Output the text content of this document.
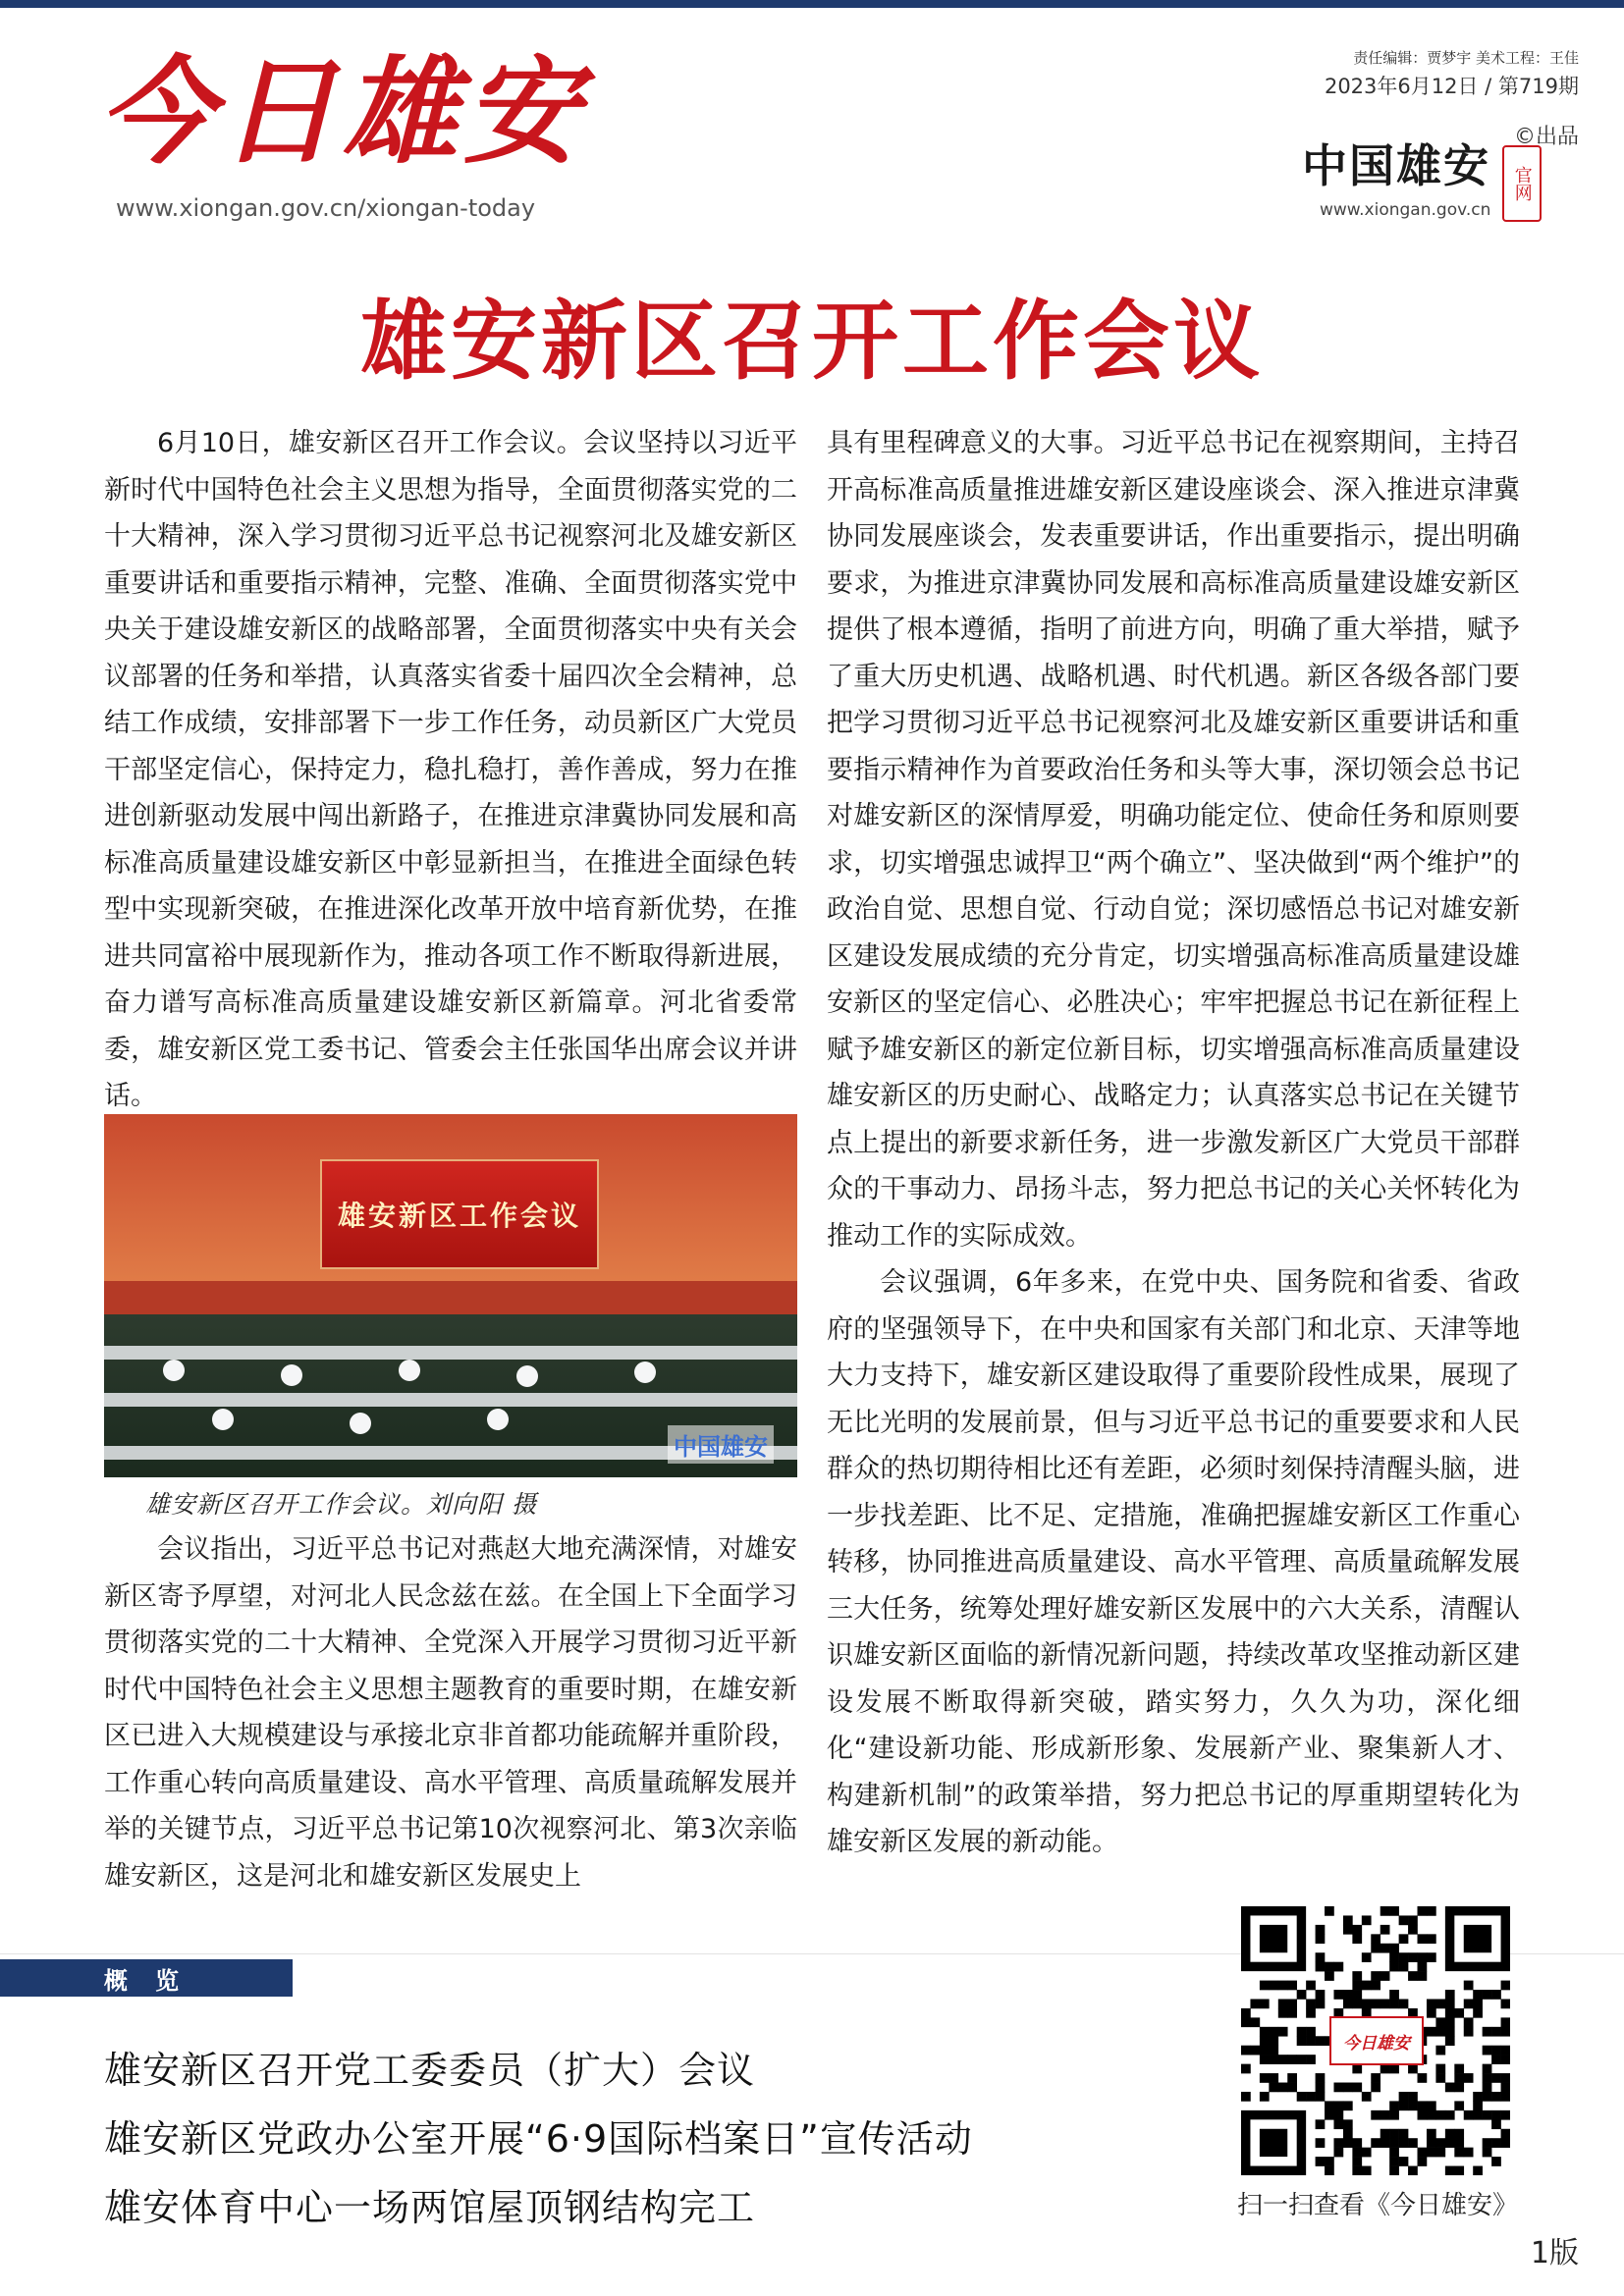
今日雄安
www.xiongan.gov.cn/xiongan-today
责任编辑：贾梦宇 美术工程：王佳
2023年6月12日 / 第719期
©出品
中国雄安 官网
www.xiongan.gov.cn
雄安新区召开工作会议

6月10日，雄安新区召开工作会议。会议坚持以习近平新时代中国特色社会主义思想为指导，全面贯彻落实党的二十大精神，深入学习贯彻习近平总书记视察河北及雄安新区重要讲话和重要指示精神，完整、准确、全面贯彻落实党中央关于建设雄安新区的战略部署，全面贯彻落实中央有关会议部署的任务和举措，认真落实省委十届四次全会精神，总结工作成绩，安排部署下一步工作任务，动员新区广大党员干部坚定信心，保持定力，稳扎稳打，善作善成，努力在推进创新驱动发展中闯出新路子，在推进京津冀协同发展和高标准高质量建设雄安新区中彰显新担当，在推进全面绿色转型中实现新突破，在推进深化改革开放中培育新优势，在推进共同富裕中展现新作为，推动各项工作不断取得新进展，奋力谱写高标准高质量建设雄安新区新篇章。河北省委常委，雄安新区党工委书记、管委会主任张国华出席会议并讲话。

雄安新区工作会议
中国雄安
雄安新区召开工作会议。刘向阳 摄

会议指出，习近平总书记对燕赵大地充满深情，对雄安新区寄予厚望，对河北人民念兹在兹。在全国上下全面学习贯彻落实党的二十大精神、全党深入开展学习贯彻习近平新时代中国特色社会主义思想主题教育的重要时期，在雄安新区已进入大规模建设与承接北京非首都功能疏解并重阶段，工作重心转向高质量建设、高水平管理、高质量疏解发展并举的关键节点，习近平总书记第10次视察河北、第3次亲临雄安新区，这是河北和雄安新区发展史上

具有里程碑意义的大事。习近平总书记在视察期间，主持召开高标准高质量推进雄安新区建设座谈会、深入推进京津冀协同发展座谈会，发表重要讲话，作出重要指示，提出明确要求，为推进京津冀协同发展和高标准高质量建设雄安新区提供了根本遵循，指明了前进方向，明确了重大举措，赋予了重大历史机遇、战略机遇、时代机遇。新区各级各部门要把学习贯彻习近平总书记视察河北及雄安新区重要讲话和重要指示精神作为首要政治任务和头等大事，深切领会总书记对雄安新区的深情厚爱，明确功能定位、使命任务和原则要求，切实增强忠诚捍卫“两个确立”、坚决做到“两个维护”的政治自觉、思想自觉、行动自觉；深切感悟总书记对雄安新区建设发展成绩的充分肯定，切实增强高标准高质量建设雄安新区的坚定信心、必胜决心；牢牢把握总书记在新征程上赋予雄安新区的新定位新目标，切实增强高标准高质量建设雄安新区的历史耐心、战略定力；认真落实总书记在关键节点上提出的新要求新任务，进一步激发新区广大党员干部群众的干事动力、昂扬斗志，努力把总书记的关心关怀转化为推动工作的实际成效。

会议强调，6年多来，在党中央、国务院和省委、省政府的坚强领导下，在中央和国家有关部门和北京、天津等地大力支持下，雄安新区建设取得了重要阶段性成果，展现了无比光明的发展前景，但与习近平总书记的重要要求和人民群众的热切期待相比还有差距，必须时刻保持清醒头脑，进一步找差距、比不足、定措施，准确把握雄安新区工作重心转移，协同推进高质量建设、高水平管理、高质量疏解发展三大任务，统筹处理好雄安新区发展中的六大关系，清醒认识雄安新区面临的新情况新问题，持续改革攻坚推动新区建设发展不断取得新突破，踏实努力，久久为功，深化细化“建设新功能、形成新形象、发展新产业、聚集新人才、构建新机制”的政策举措，努力把总书记的厚重期望转化为雄安新区发展的新动能。

概 览
雄安新区召开党工委委员（扩大）会议
雄安新区党政办公室开展“6·9国际档案日”宣传活动
雄安体育中心一场两馆屋顶钢结构完工
今日雄安
扫一扫查看《今日雄安》
1版
